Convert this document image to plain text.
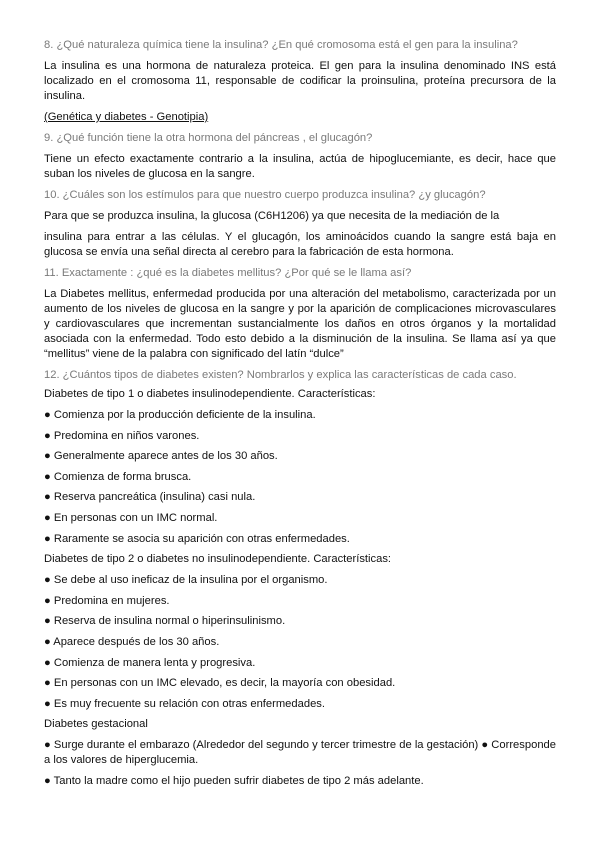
8. ¿Qué naturaleza química tiene la insulina? ¿En qué cromosoma está el gen para la insulina?

La insulina es una hormona de naturaleza proteica. El gen para la insulina denominado INS está localizado en el cromosoma 11, responsable de codificar la proinsulina, proteína precursora de la insulina.

(Genética y diabetes - Genotipia)

9. ¿Qué función tiene la otra hormona del páncreas , el glucagón?

Tiene un efecto exactamente contrario a la insulina, actúa de hipoglucemiante, es decir, hace que suban los niveles de glucosa en la sangre.

10. ¿Cuáles son los estímulos para que nuestro cuerpo produzca insulina? ¿y glucagón?

Para que se produzca insulina, la glucosa (C6H1206) ya que necesita de la mediación de la

insulina para entrar a las células. Y el glucagón, los aminoácidos cuando la sangre está baja en glucosa se envía una señal directa al cerebro para la fabricación de esta hormona.

11. Exactamente : ¿qué es la diabetes mellitus? ¿Por qué se le llama así?

La Diabetes mellitus, enfermedad producida por una alteración del metabolismo, caracterizada por un aumento de los niveles de glucosa en la sangre y por la aparición de complicaciones microvasculares y cardiovasculares que incrementan sustancialmente los daños en otros órganos y la mortalidad asociada con la enfermedad. Todo esto debido a la disminución de la insulina. Se llama así ya que “mellitus” viene de la palabra con significado del latín “dulce”

12. ¿Cuántos tipos de diabetes existen? Nombrarlos y explica las características de cada caso.

Diabetes de tipo 1 o diabetes insulinodependiente. Características:

● Comienza por la producción deficiente de la insulina.

● Predomina en niños varones.

● Generalmente aparece antes de los 30 años.

● Comienza de forma brusca.

● Reserva pancreática (insulina) casi nula.

● En personas con un IMC normal.

● Raramente se asocia su aparición con otras enfermedades.

Diabetes de tipo 2 o diabetes no insulinodependiente. Características:

● Se debe al uso ineficaz de la insulina por el organismo.

● Predomina en mujeres.

● Reserva de insulina normal o hiperinsulinismo.

● Aparece después de los 30 años.

● Comienza de manera lenta y progresiva.

● En personas con un IMC elevado, es decir, la mayoría con obesidad.

● Es muy frecuente su relación con otras enfermedades.

Diabetes gestacional

● Surge durante el embarazo (Alrededor del segundo y tercer trimestre de la gestación) ● Corresponde a los valores de hiperglucemia.

● Tanto la madre como el hijo pueden sufrir diabetes de tipo 2 más adelante.
